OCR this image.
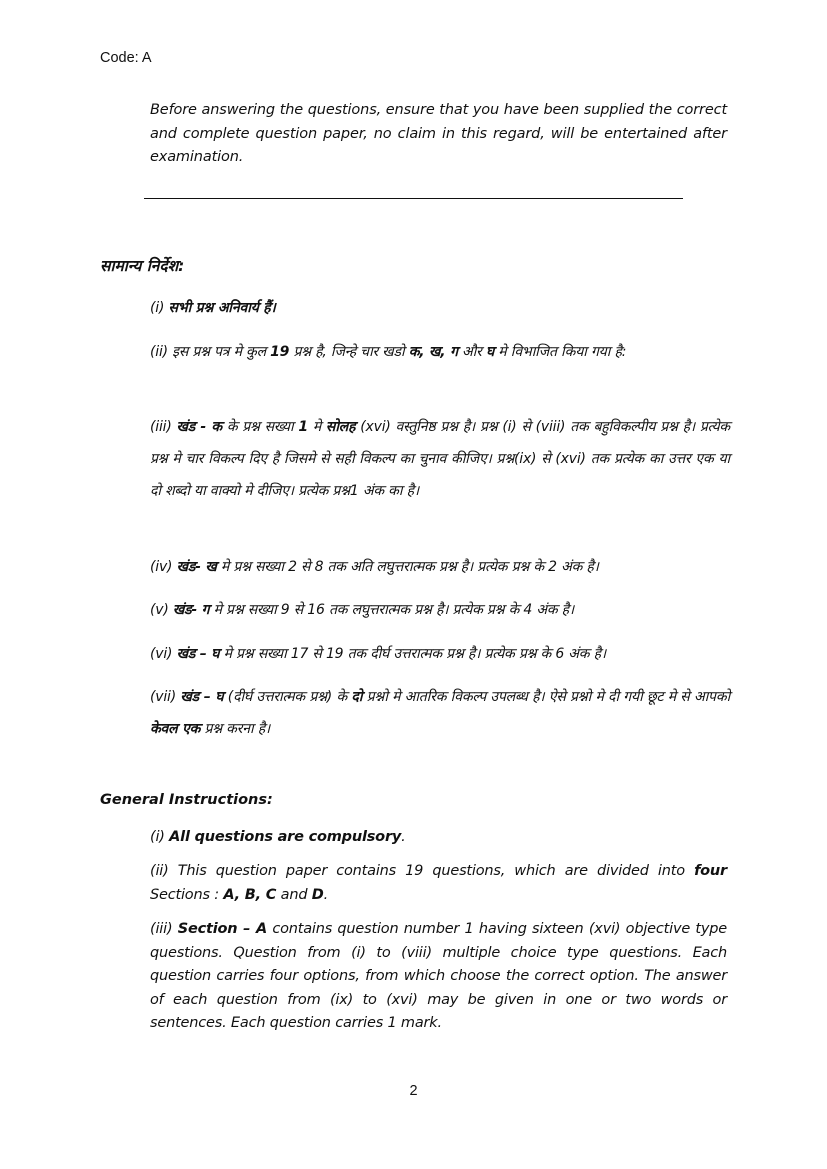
Code: A
Before answering the questions, ensure that you have been supplied the correct and complete question paper, no claim in this regard, will be entertained after examination.
सामान्य निर्देश:
(i) सभी प्रश्न अनिवार्य हैं।
(ii) इस प्रश्न पत्र मे कुल 19 प्रश्न है, जिन्हे चार खडो क, ख, ग और घ मे विभाजित किया गया है:
(iii) खंड - क के प्रश्न सख्या 1 मे सोलह (xvi) वस्तुनिष्ठ प्रश्न है। प्रश्न (i) से (viii) तक बहुविकल्पीय प्रश्न है। प्रत्येक प्रश्न मे चार विकल्प दिए है जिसमे से सही विकल्प का चुनाव कीजिए। प्रश्न(ix) से (xvi) तक प्रत्येक का उत्तर एक या दो शब्दो या वाक्यो मे दीजिए। प्रत्येक प्रश्न1 अंक का है।
(iv) खंड- ख मे प्रश्न सख्या 2 से 8 तक अति लघुत्तरात्मक प्रश्न है। प्रत्येक प्रश्न के 2 अंक है।
(v) खंड- ग मे प्रश्न सख्या 9 से 16 तक लघुत्तरात्मक प्रश्न है। प्रत्येक प्रश्न के 4 अंक है।
(vi) खंड – घ मे प्रश्न सख्या 17 से 19 तक दीर्घ उत्तरात्मक प्रश्न है। प्रत्येक प्रश्न के 6 अंक है।
(vii) खंड – घ (दीर्घ उत्तरात्मक प्रश्न) के दो प्रश्नो मे आतरिक विकल्प उपलब्ध है। ऐसे प्रश्नो मे दी गयी छूट मे से आपको केवल एक प्रश्न करना है।
General Instructions:
(i) All questions are compulsory.
(ii) This question paper contains 19 questions, which are divided into four Sections : A, B, C and D.
(iii) Section – A contains question number 1 having sixteen (xvi) objective type questions. Question from (i) to (viii) multiple choice type questions. Each question carries four options, from which choose the correct option. The answer of each question from (ix) to (xvi) may be given in one or two words or sentences. Each question carries 1 mark.
2
